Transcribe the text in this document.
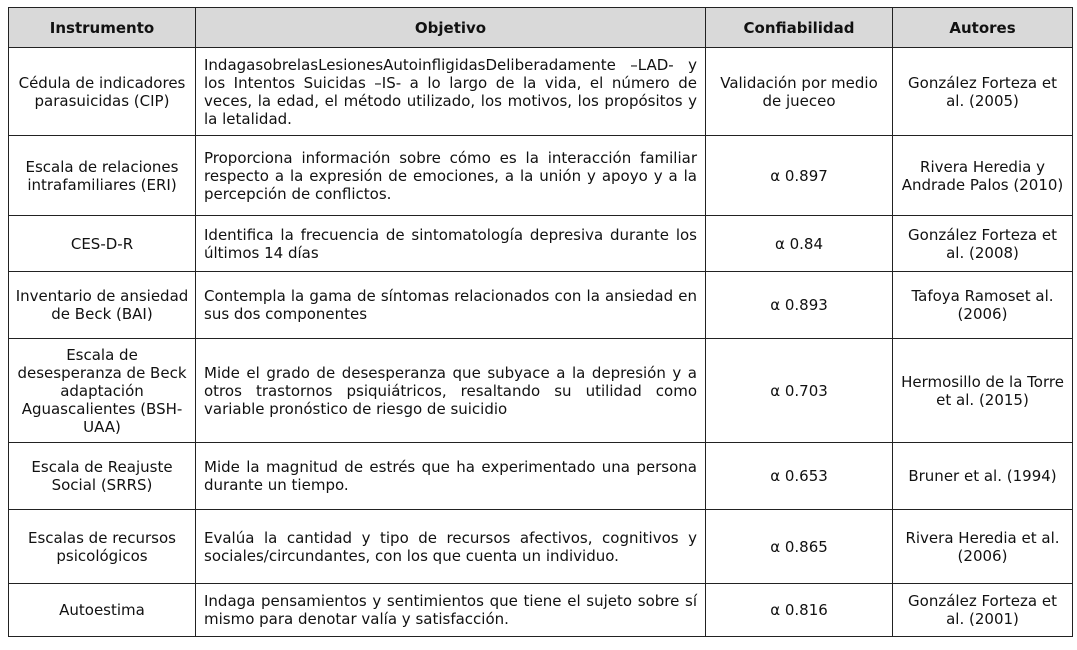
Instrumento	Objetivo	Confiabilidad	Autores
Cédula de indicadores parasuicidas (CIP)	IndagasobrelasLesionesAutoinfligidasDeliberadamente –LAD- y los Intentos Suicidas –IS- a lo largo de la vida, el número de veces, la edad, el método utilizado, los motivos, los propósitos y la letalidad.	Validación por medio de jueceo	González Forteza et al. (2005)
Escala de relaciones intrafamiliares (ERI)	Proporciona información sobre cómo es la interacción familiar respecto a la expresión de emociones, a la unión y apoyo y a la percepción de conflictos.	α 0.897	Rivera Heredia y Andrade Palos (2010)
CES-D-R	Identifica la frecuencia de sintomatología depresiva durante los últimos 14 días	α 0.84	González Forteza et al. (2008)
Inventario de ansiedad de Beck (BAI)	Contempla la gama de síntomas relacionados con la ansiedad en sus dos componentes	α 0.893	Tafoya Ramoset al. (2006)
Escala de desesperanza de Beck adaptación Aguascalientes (BSH-UAA)	Mide el grado de desesperanza que subyace a la depresión y a otros trastornos psiquiátricos, resaltando su utilidad como variable pronóstico de riesgo de suicidio	α 0.703	Hermosillo de la Torre et al. (2015)
Escala de Reajuste Social (SRRS)	Mide la magnitud de estrés que ha experimentado una persona durante un tiempo.	α 0.653	Bruner et al. (1994)
Escalas de recursos psicológicos	Evalúa la cantidad y tipo de recursos afectivos, cognitivos y sociales/circundantes, con los que cuenta un individuo.	α 0.865	Rivera Heredia et al. (2006)
Autoestima	Indaga pensamientos y sentimientos que tiene el sujeto sobre sí mismo para denotar valía y satisfacción.	α 0.816	González Forteza et al. (2001)
